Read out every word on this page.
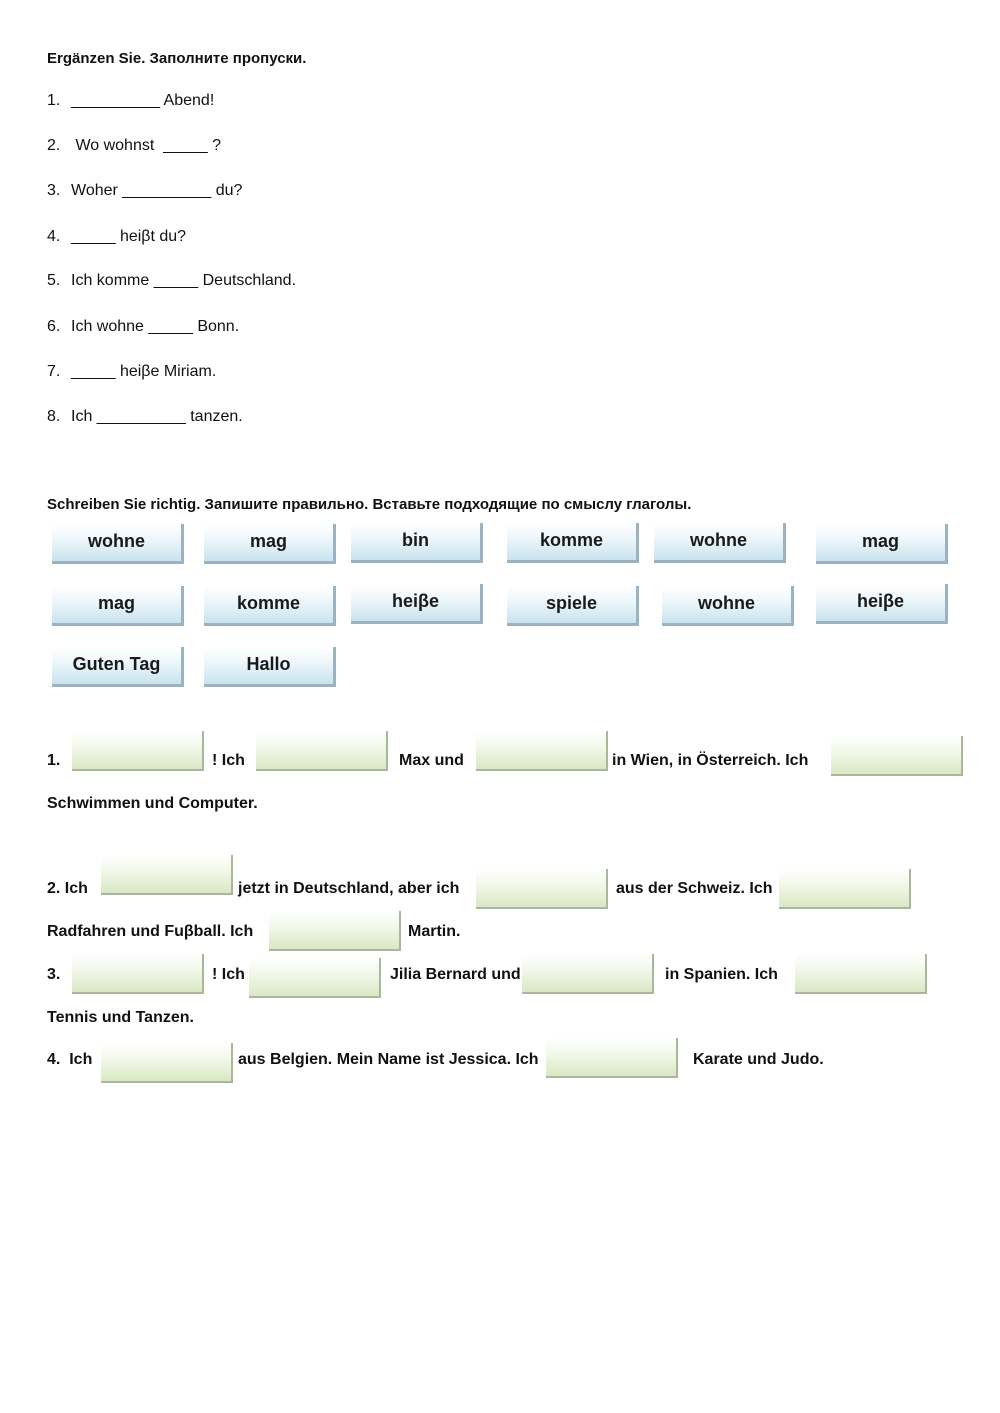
Ergänzen Sie. Заполните пропуски.
1. __________ Abend!
2. Wo wohnst  _____ ?
3. Woher __________ du?
4. _____ heiβt du?
5. Ich komme _____ Deutschland.
6. Ich wohne _____ Bonn.
7. _____ heiβe Miriam.
8. Ich __________ tanzen.
Schreiben Sie richtig. Запишите правильно. Вставьте подходящие по смыслу глаголы.
wohne	mag	bin	komme	wohne	mag
mag	komme	heiβe	spiele	wohne	heiβe
Guten Tag	Hallo
1.	! Ich	Max und	in Wien, in Österreich. Ich
Schwimmen und Computer.
2. Ich	jetzt in Deutschland, aber ich	aus der Schweiz. Ich
Radfahren und Fuβball. Ich	Martin.
3.	! Ich	Jilia Bernard und	in Spanien. Ich
Tennis und Tanzen.
4.  Ich	aus Belgien. Mein Name ist Jessica. Ich	Karate und Judo.
